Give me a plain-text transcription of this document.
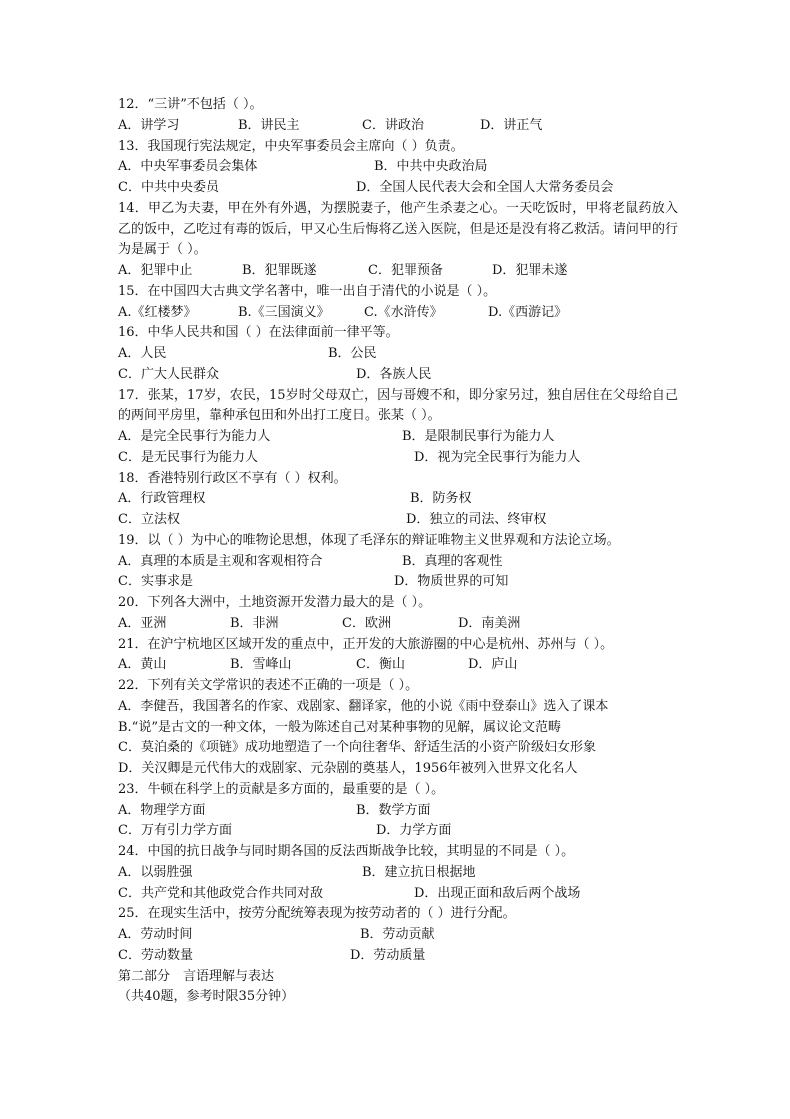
12．“三讲”不包括（ ）。
A．讲学习	B．讲民主	C．讲政治	D．讲正气
13．我国现行宪法规定，中央军事委员会主席向（ ）负责。
A．中央军事委员会集体	B．中共中央政治局
C．中共中央委员	D．全国人民代表大会和全国人大常务委员会
14．甲乙为夫妻，甲在外有外遇，为摆脱妻子，他产生杀妻之心。一天吃饭时，甲将老鼠药放入乙的饭中，乙吃过有毒的饭后，甲又心生后悔将乙送入医院，但是还是没有将乙救活。请问甲的行为是属于（ ）。
A．犯罪中止	B．犯罪既遂	C．犯罪预备	D．犯罪未遂
15．在中国四大古典文学名著中，唯一出自于清代的小说是（ ）。
A.《红楼梦》	B.《三国演义》	C.《水浒传》	D.《西游记》
16．中华人民共和国（ ）在法律面前一律平等。
A．人民	B．公民
C．广大人民群众	D．各族人民
17．张某，17岁，农民，15岁时父母双亡，因与哥嫂不和，即分家另过，独自居住在父母给自己的两间平房里，靠种承包田和外出打工度日。张某（ ）。
A．是完全民事行为能力人	B．是限制民事行为能力人
C．是无民事行为能力人	D．视为完全民事行为能力人
18．香港特别行政区不享有（ ）权利。
A．行政管理权	B．防务权
C．立法权	D．独立的司法、终审权
19．以（ ）为中心的唯物论思想，体现了毛泽东的辩证唯物主义世界观和方法论立场。
A．真理的本质是主观和客观相符合	B．真理的客观性
C．实事求是	D．物质世界的可知
20．下列各大洲中，土地资源开发潜力最大的是（ ）。
A．亚洲	B．非洲	C．欧洲	D．南美洲
21．在沪宁杭地区区域开发的重点中，正开发的大旅游圈的中心是杭州、苏州与（ ）。
A．黄山	B．雪峰山	C．衡山	D．庐山
22．下列有关文学常识的表述不正确的一项是（ ）。
A．李健吾，我国著名的作家、戏剧家、翻译家，他的小说《雨中登泰山》选入了课本
B.“说”是古文的一种文体，一般为陈述自己对某种事物的见解，属议论文范畴
C．莫泊桑的《项链》成功地塑造了一个向往奢华、舒适生活的小资产阶级妇女形象
D．关汉卿是元代伟大的戏剧家、元杂剧的奠基人，1956年被列入世界文化名人
23．牛顿在科学上的贡献是多方面的，最重要的是（ ）。
A．物理学方面	B．数学方面
C．万有引力学方面	D．力学方面
24．中国的抗日战争与同时期各国的反法西斯战争比较，其明显的不同是（ ）。
A．以弱胜强	B．建立抗日根据地
C．共产党和其他政党合作共同对敌	D．出现正面和敌后两个战场
25．在现实生活中，按劳分配统筹表现为按劳动者的（ ）进行分配。
A．劳动时间	B．劳动贡献
C．劳动数量	D．劳动质量
第二部分　言语理解与表达
（共40题，参考时限35分钟）
